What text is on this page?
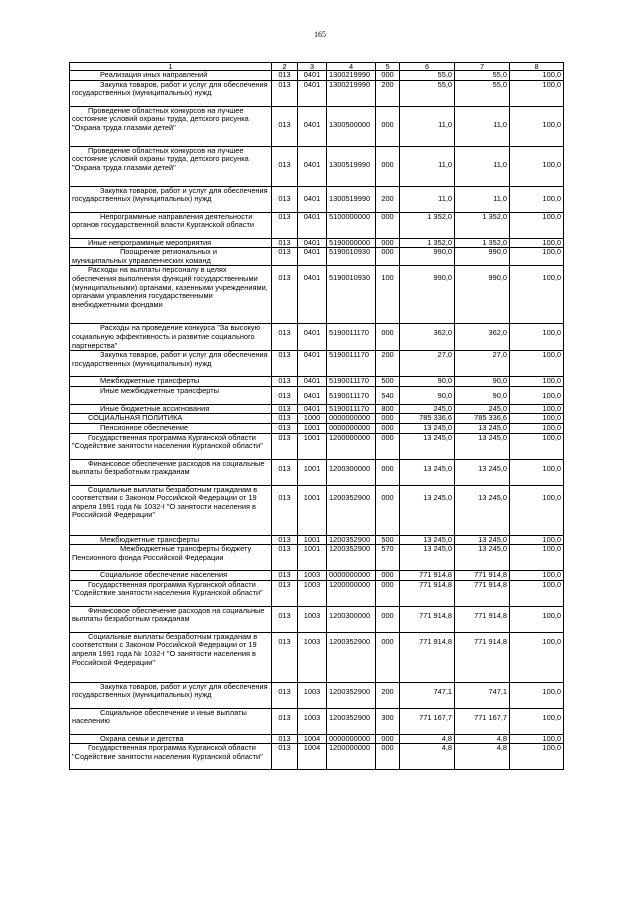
165
1	2	3	4	5	6	7	8
Реализация иных направлений	013	0401	1300219990	000	55,0	55,0	100,0
Закупка товаров, работ и услуг для обеспечения государственных (муниципальных) нужд	013	0401	1300219990	200	55,0	55,0	100,0
Проведение областных конкурсов на лучшее состояние условий охраны труда, детского рисунка "Охрана труда глазами детей"	013	0401	1300500000	000	11,0	11,0	100,0
Проведение областных конкурсов на лучшее состояние условий охраны труда, детского рисунка "Охрана труда глазами детей"	013	0401	1300519990	000	11,0	11,0	100,0
Закупка товаров, работ и услуг для обеспечения государственных (муниципальных) нужд	013	0401	1300519990	200	11,0	11,0	100,0
Непрограммные направления деятельности органов государственной власти Курганской области	013	0401	5100000000	000	1 352,0	1 352,0	100,0
Иные непрограммные мероприятия	013	0401	5190000000	000	1 352,0	1 352,0	100,0
Поощрение региональных и муниципальных управленческих команд	013	0401	5190010930	000	990,0	990,0	100,0
Расходы на выплаты персоналу в целях обеспечения выполнения функций государственными (муниципальными) органами, казенными учреждениями, органами управления государственными внебюджетными фондами	013	0401	5190010930	100	990,0	990,0	100,0
Расходы на проведение конкурса "За высокую социальную эффективность и развитие социального партнерства"	013	0401	5190011170	000	362,0	362,0	100,0
Закупка товаров, работ и услуг для обеспечения государственных (муниципальных) нужд	013	0401	5190011170	200	27,0	27,0	100,0
Межбюджетные трансферты	013	0401	5190011170	500	90,0	90,0	100,0
Иные межбюджетные трансферты	013	0401	5190011170	540	90,0	90,0	100,0
Иные бюджетные ассигнования	013	0401	5190011170	800	245,0	245,0	100,0
СОЦИАЛЬНАЯ ПОЛИТИКА	013	1000	0000000000	000	785 336,6	785 336,6	100,0
Пенсионное обеспечение	013	1001	0000000000	000	13 245,0	13 245,0	100,0
Государственная программа Курганской области "Содействие занятости населения Курганской области"	013	1001	1200000000	000	13 245,0	13 245,0	100,0
Финансовое обеспечение расходов на социальные выплаты безработным гражданам	013	1001	1200300000	000	13 245,0	13 245,0	100,0
Социальные выплаты безработным гражданам в соответствии с Законом Российской Федерации от 19 апреля 1991 года № 1032-I "О занятости населения в Российской Федерации"	013	1001	1200352900	000	13 245,0	13 245,0	100,0
Межбюджетные трансферты	013	1001	1200352900	500	13 245,0	13 245,0	100,0
Межбюджетные трансферты бюджету Пенсионного фонда Российской Федерации	013	1001	1200352900	570	13 245,0	13 245,0	100,0
Социальное обеспечение населения	013	1003	0000000000	000	771 914,8	771 914,8	100,0
Государственная программа Курганской области "Содействие занятости населения Курганской области"	013	1003	1200000000	000	771 914,8	771 914,8	100,0
Финансовое обеспечение расходов на социальные выплаты безработным гражданам	013	1003	1200300000	000	771 914,8	771 914,8	100,0
Социальные выплаты безработным гражданам в соответствии с Законом Российской Федерации от 19 апреля 1991 года № 1032-I "О занятости населения в Российской Федерации"	013	1003	1200352900	000	771 914,8	771 914,8	100,0
Закупка товаров, работ и услуг для обеспечения государственных (муниципальных) нужд	013	1003	1200352900	200	747,1	747,1	100,0
Социальное обеспечение и иные выплаты населению	013	1003	1200352900	300	771 167,7	771 167,7	100,0
Охрана семьи и детства	013	1004	0000000000	000	4,8	4,8	100,0
Государственная программа Курганской области "Содействие занятости населения Курганской области"	013	1004	1200000000	000	4,8	4,8	100,0
